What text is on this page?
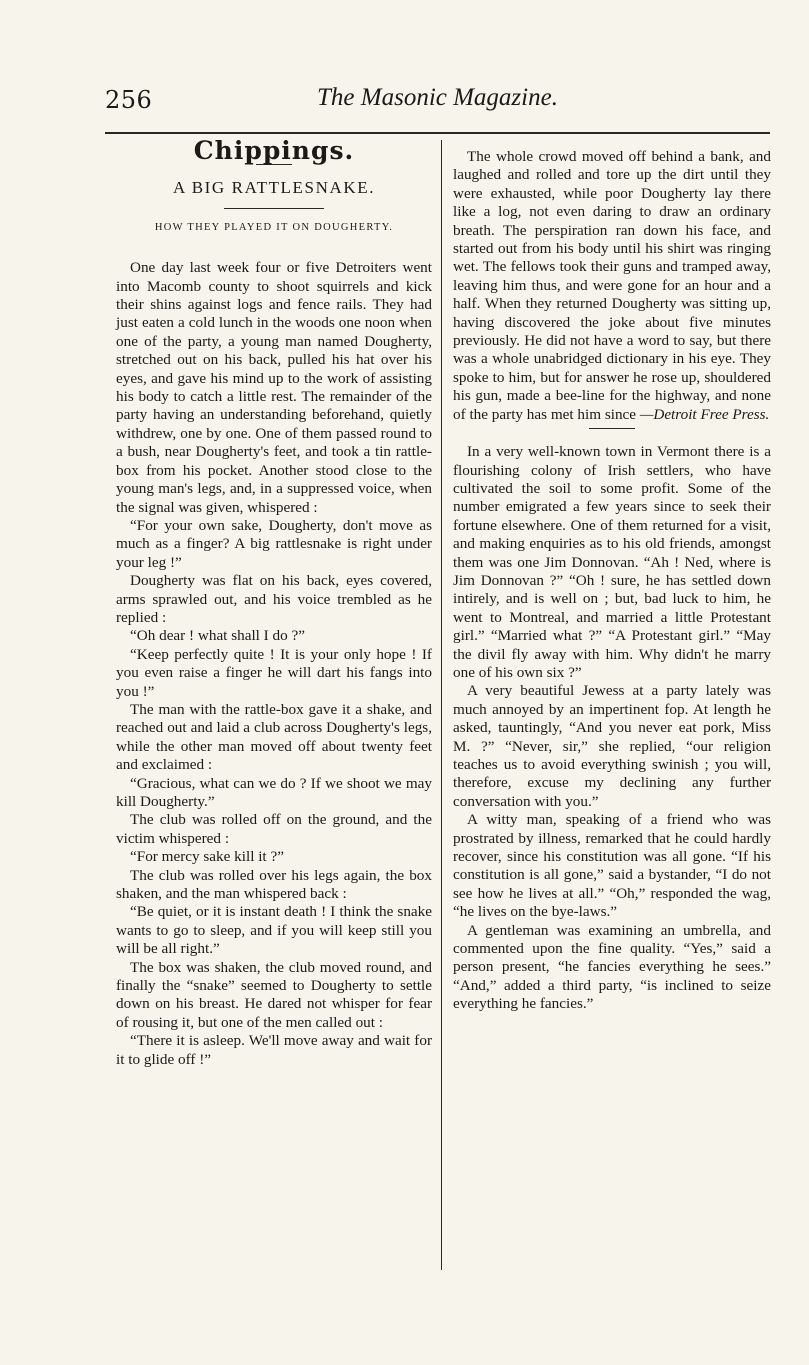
256	The Masonic Magazine.
Chippings.
A BIG RATTLESNAKE.
HOW THEY PLAYED IT ON DOUGHERTY.

One day last week four or five Detroiters went into Macomb county to shoot squirrels and kick their shins against logs and fence rails. They had just eaten a cold lunch in the woods one noon when one of the party, a young man named Dougherty, stretched out on his back, pulled his hat over his eyes, and gave his mind up to the work of assisting his body to catch a little rest. The remainder of the party having an understanding beforehand, quietly withdrew, one by one. One of them passed round to a bush, near Dougherty's feet, and took a tin rattle-box from his pocket. Another stood close to the young man's legs, and, in a suppressed voice, when the signal was given, whispered :

“For your own sake, Dougherty, don't move as much as a finger? A big rattlesnake is right under your leg !”

Dougherty was flat on his back, eyes covered, arms sprawled out, and his voice trembled as he replied :

“Oh dear ! what shall I do ?”

“Keep perfectly quite ! It is your only hope ! If you even raise a finger he will dart his fangs into you !”

The man with the rattle-box gave it a shake, and reached out and laid a club across Dougherty's legs, while the other man moved off about twenty feet and exclaimed :

“Gracious, what can we do ? If we shoot we may kill Dougherty.”

The club was rolled off on the ground, and the victim whispered :

“For mercy sake kill it ?”

The club was rolled over his legs again, the box shaken, and the man whispered back :

“Be quiet, or it is instant death ! I think the snake wants to go to sleep, and if you will keep still you will be all right.”

The box was shaken, the club moved round, and finally the “snake” seemed to Dougherty to settle down on his breast. He dared not whisper for fear of rousing it, but one of the men called out :

“There it is asleep. We'll move away and wait for it to glide off !”

The whole crowd moved off behind a bank, and laughed and rolled and tore up the dirt until they were exhausted, while poor Dougherty lay there like a log, not even daring to draw an ordinary breath. The perspiration ran down his face, and started out from his body until his shirt was ringing wet. The fellows took their guns and tramped away, leaving him thus, and were gone for an hour and a half. When they returned Dougherty was sitting up, having discovered the joke about five minutes previously. He did not have a word to say, but there was a whole unabridged dictionary in his eye. They spoke to him, but for answer he rose up, shouldered his gun, made a bee-line for the highway, and none of the party has met him since —Detroit Free Press.

In a very well-known town in Vermont there is a flourishing colony of Irish settlers, who have cultivated the soil to some profit. Some of the number emigrated a few years since to seek their fortune elsewhere. One of them returned for a visit, and making enquiries as to his old friends, amongst them was one Jim Donnovan. “Ah ! Ned, where is Jim Donnovan ?” “Oh ! sure, he has settled down intirely, and is well on ; but, bad luck to him, he went to Montreal, and married a little Protestant girl.” “Married what ?” “A Protestant girl.” “May the divil fly away with him. Why didn't he marry one of his own six ?”

A very beautiful Jewess at a party lately was much annoyed by an impertinent fop. At length he asked, tauntingly, “And you never eat pork, Miss M. ?” “Never, sir,” she replied, “our religion teaches us to avoid everything swinish ; you will, therefore, excuse my declining any further conversation with you.”

A witty man, speaking of a friend who was prostrated by illness, remarked that he could hardly recover, since his constitution was all gone. “If his constitution is all gone,” said a bystander, “I do not see how he lives at all.” “Oh,” responded the wag, “he lives on the bye-laws.”

A gentleman was examining an umbrella, and commented upon the fine quality. “Yes,” said a person present, “he fancies everything he sees.” “And,” added a third party, “is inclined to seize everything he fancies.”
